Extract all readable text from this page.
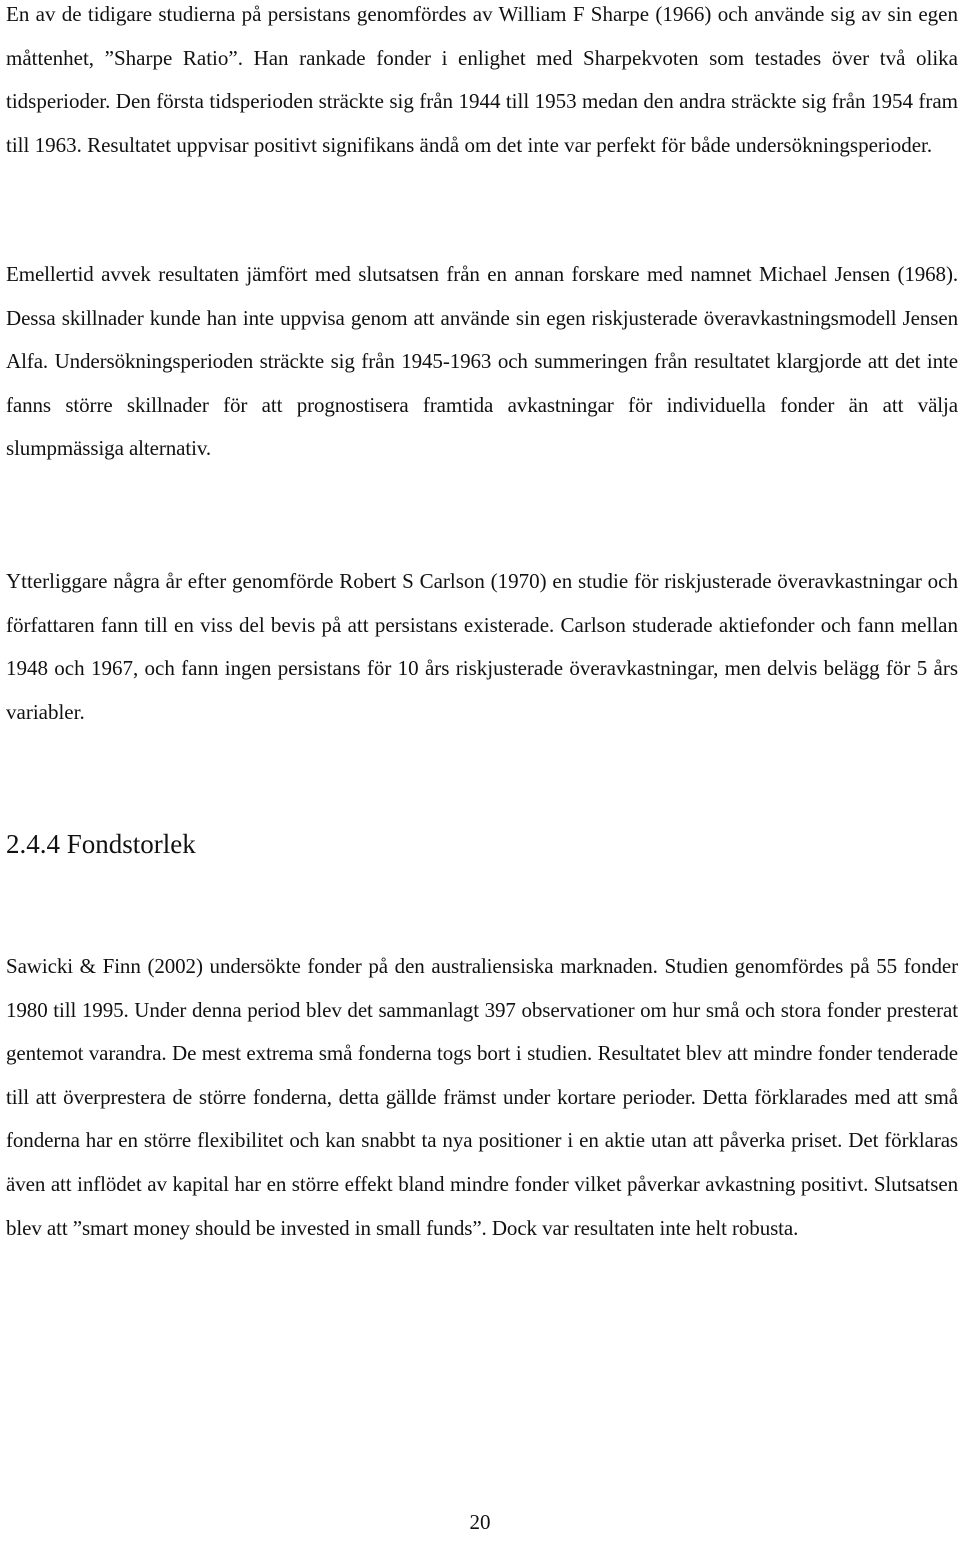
En av de tidigare studierna på persistans genomfördes av William F Sharpe (1966) och använde sig av sin egen måttenhet, ”Sharpe Ratio”. Han rankade fonder i enlighet med Sharpekvoten som testades över två olika tidsperioder. Den första tidsperioden sträckte sig från 1944 till 1953 medan den andra sträckte sig från 1954 fram till 1963. Resultatet uppvisar positivt signifikans ändå om det inte var perfekt för både undersökningsperioder.

Emellertid avvek resultaten jämfört med slutsatsen från en annan forskare med namnet Michael Jensen (1968). Dessa skillnader kunde han inte uppvisa genom att använde sin egen riskjusterade överavkastningsmodell Jensen Alfa. Undersökningsperioden sträckte sig från 1945-1963 och summeringen från resultatet klargjorde att det inte fanns större skillnader för att prognostisera framtida avkastningar för individuella fonder än att välja slumpmässiga alternativ.

Ytterliggare några år efter genomförde Robert S Carlson (1970) en studie för riskjusterade överavkastningar och författaren fann till en viss del bevis på att persistans existerade. Carlson studerade aktiefonder och fann mellan 1948 och 1967, och fann ingen persistans för 10 års riskjusterade överavkastningar, men delvis belägg för 5 års variabler.

2.4.4 Fondstorlek

Sawicki & Finn (2002) undersökte fonder på den australiensiska marknaden. Studien genomfördes på 55 fonder 1980 till 1995. Under denna period blev det sammanlagt 397 observationer om hur små och stora fonder presterat gentemot varandra. De mest extrema små fonderna togs bort i studien. Resultatet blev att mindre fonder tenderade till att överprestera de större fonderna, detta gällde främst under kortare perioder. Detta förklarades med att små fonderna har en större flexibilitet och kan snabbt ta nya positioner i en aktie utan att påverka priset. Det förklaras även att inflödet av kapital har en större effekt bland mindre fonder vilket påverkar avkastning positivt. Slutsatsen blev att ”smart money should be invested in small funds”. Dock var resultaten inte helt robusta.

20
